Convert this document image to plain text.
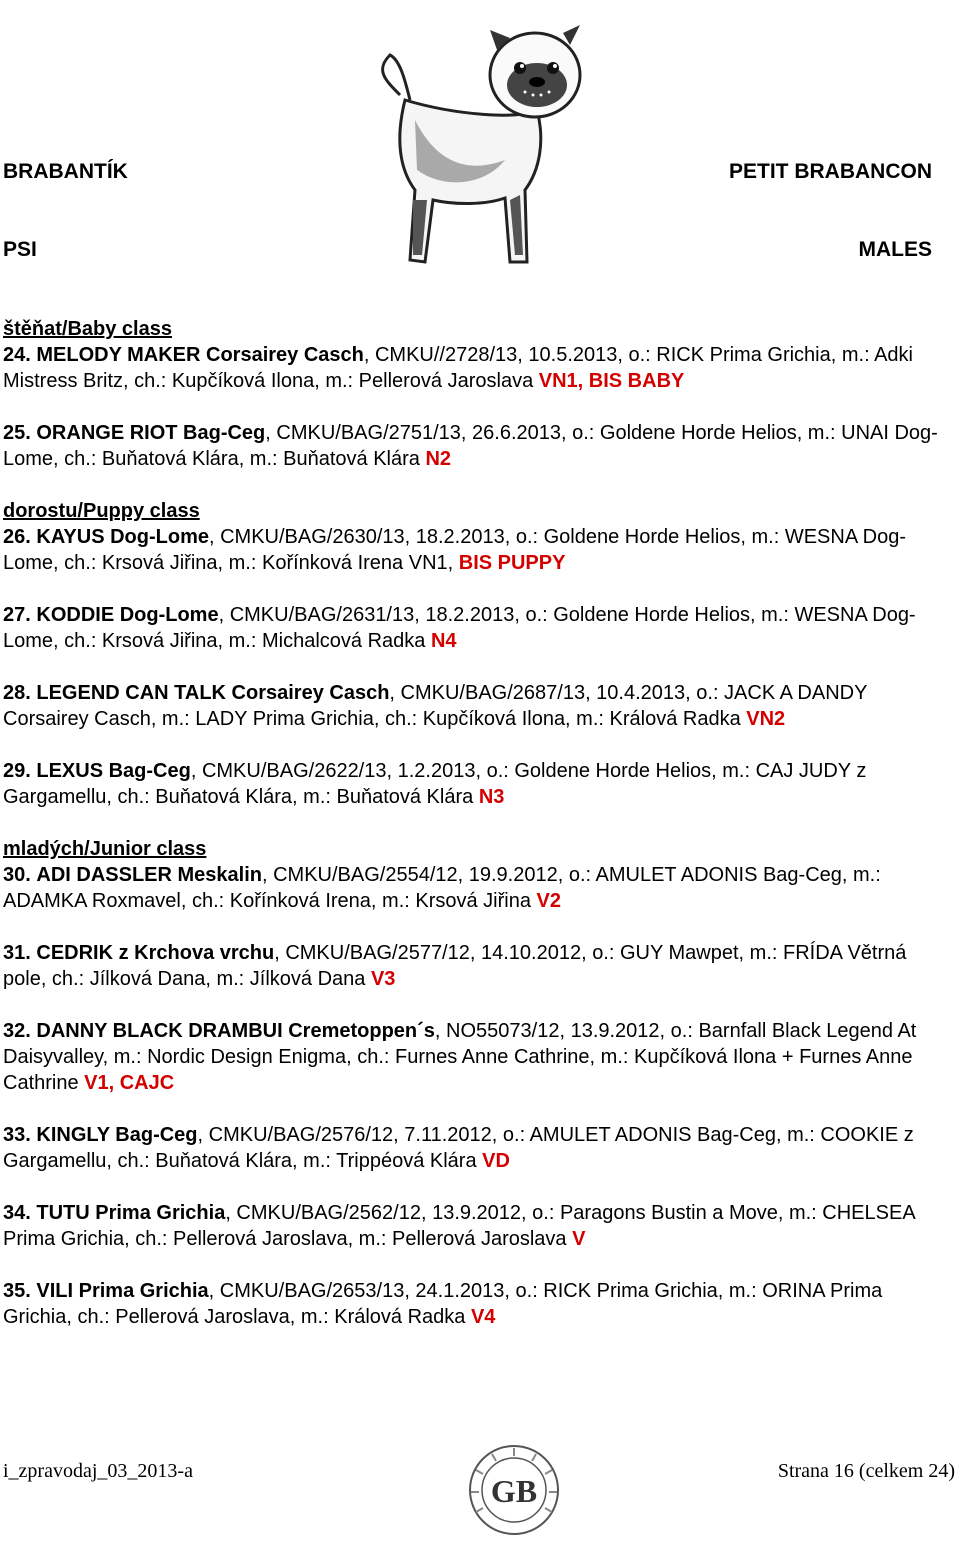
BRABANTÍK	PETIT BRABANCON
PSI	MALES
štěňat/Baby class
24. MELODY MAKER Corsairey Casch, CMKU//2728/13, 10.5.2013, o.: RICK Prima Grichia, m.: Adki Mistress Britz, ch.: Kupčíková Ilona, m.: Pellerová Jaroslava VN1, BIS BABY
25. ORANGE RIOT Bag-Ceg, CMKU/BAG/2751/13, 26.6.2013, o.: Goldene Horde Helios, m.: UNAI Dog-Lome, ch.: Buňatová Klára, m.: Buňatová Klára N2
dorostu/Puppy class
26. KAYUS Dog-Lome, CMKU/BAG/2630/13, 18.2.2013, o.: Goldene Horde Helios, m.: WESNA Dog-Lome, ch.: Krsová Jiřina, m.: Kořínková Irena VN1, BIS PUPPY
27. KODDIE Dog-Lome, CMKU/BAG/2631/13, 18.2.2013, o.: Goldene Horde Helios, m.: WESNA Dog-Lome, ch.: Krsová Jiřina, m.: Michalcová Radka N4
28. LEGEND CAN TALK Corsairey Casch, CMKU/BAG/2687/13, 10.4.2013, o.: JACK A DANDY Corsairey Casch, m.: LADY Prima Grichia, ch.: Kupčíková Ilona, m.: Králová Radka VN2
29. LEXUS Bag-Ceg, CMKU/BAG/2622/13, 1.2.2013, o.: Goldene Horde Helios, m.: CAJ JUDY z Gargamellu, ch.: Buňatová Klára, m.: Buňatová Klára N3
mladých/Junior class
30. ADI DASSLER Meskalin, CMKU/BAG/2554/12, 19.9.2012, o.: AMULET ADONIS Bag-Ceg, m.: ADAMKA Roxmavel, ch.: Kořínková Irena, m.: Krsová Jiřina V2
31. CEDRIK z Krchova vrchu, CMKU/BAG/2577/12, 14.10.2012, o.: GUY Mawpet, m.: FRÍDA Větrná pole, ch.: Jílková Dana, m.: Jílková Dana V3
32. DANNY BLACK DRAMBUI Cremetoppen´s, NO55073/12, 13.9.2012, o.: Barnfall Black Legend At Daisyvalley, m.: Nordic Design Enigma, ch.: Furnes Anne Cathrine, m.: Kupčíková Ilona + Furnes Anne Cathrine V1, CAJC
33. KINGLY Bag-Ceg, CMKU/BAG/2576/12, 7.11.2012, o.: AMULET ADONIS Bag-Ceg, m.: COOKIE z Gargamellu, ch.: Buňatová Klára, m.: Trippéová Klára VD
34. TUTU Prima Grichia, CMKU/BAG/2562/12, 13.9.2012, o.: Paragons Bustin a Move, m.: CHELSEA Prima Grichia, ch.: Pellerová Jaroslava, m.: Pellerová Jaroslava V
35. VILI Prima Grichia, CMKU/BAG/2653/13, 24.1.2013, o.: RICK Prima Grichia, m.: ORINA Prima Grichia, ch.: Pellerová Jaroslava, m.: Králová Radka V4
i_zpravodaj_03_2013-a
GB
Strana 16 (celkem 24)
